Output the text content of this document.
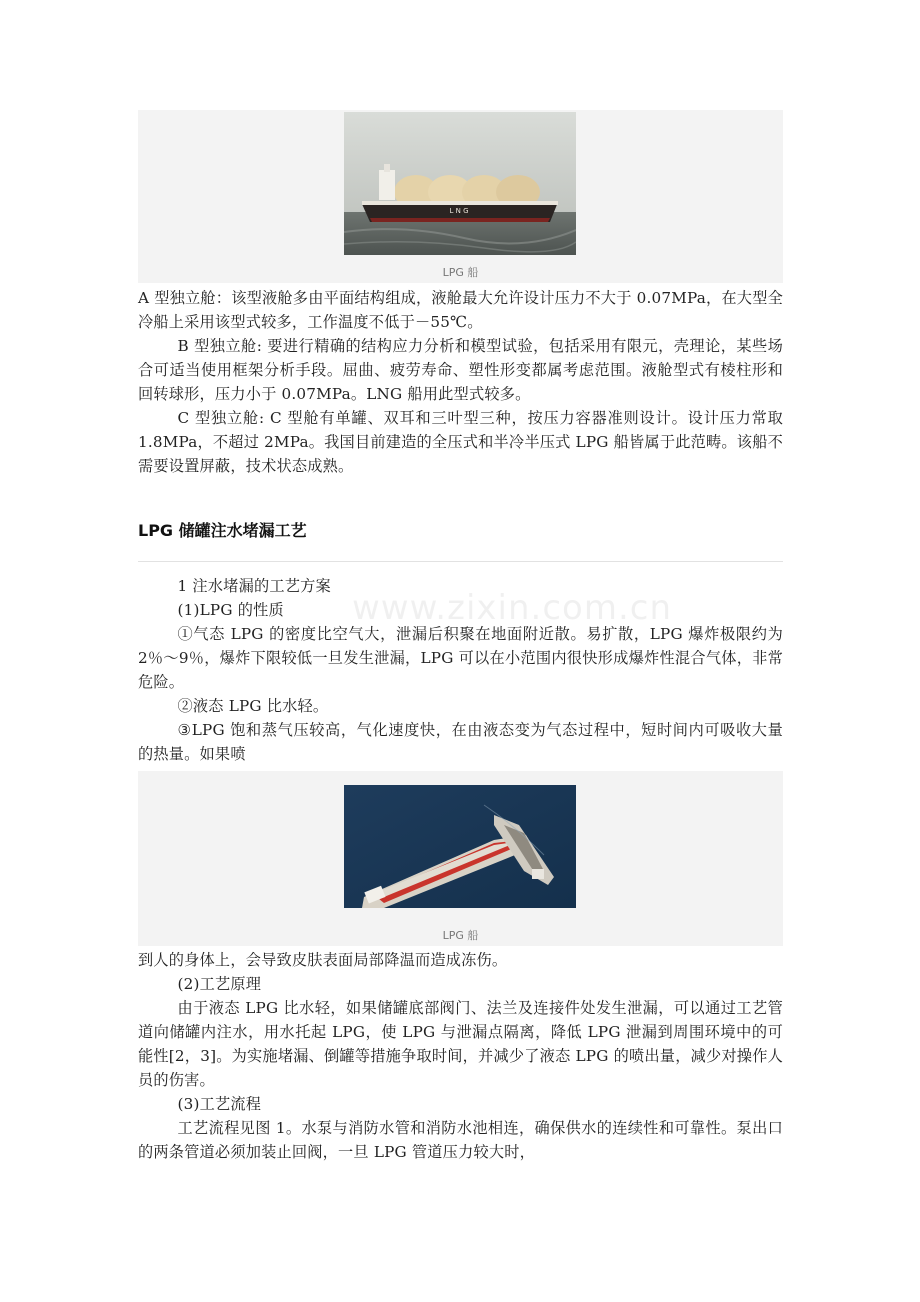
L N G
LPG 船

A 型独立舱：该型液舱多由平面结构组成，液舱最大允许设计压力不大于 0.07MPa，在大型全冷船上采用该型式较多，工作温度不低于－55℃。

B 型独立舱: 要进行精确的结构应力分析和模型试验，包括采用有限元，壳理论，某些场合可适当使用框架分析手段。屈曲、疲劳寿命、塑性形变都属考虑范围。液舱型式有棱柱形和回转球形，压力小于 0.07MPa。LNG 船用此型式较多。

C 型独立舱: C 型舱有单罐、双耳和三叶型三种，按压力容器准则设计。设计压力常取 1.8MPa，不超过 2MPa。我国目前建造的全压式和半冷半压式 LPG 船皆属于此范畴。该船不需要设置屏蔽，技术状态成熟。

LPG 储罐注水堵漏工艺
www.zixin.com.cn

1 注水堵漏的工艺方案

(1)LPG 的性质

①气态 LPG 的密度比空气大，泄漏后积聚在地面附近散。易扩散，LPG 爆炸极限约为 2％～9％，爆炸下限较低一旦发生泄漏，LPG 可以在小范围内很快形成爆炸性混合气体，非常危险。

②液态 LPG 比水轻。

③LPG 饱和蒸气压较高，气化速度快，在由液态变为气态过程中，短时间内可吸收大量的热量。如果喷

LPG 船

到人的身体上，会导致皮肤表面局部降温而造成冻伤。

(2)工艺原理

由于液态 LPG 比水轻，如果储罐底部阀门、法兰及连接件处发生泄漏，可以通过工艺管道向储罐内注水，用水托起 LPG，使 LPG 与泄漏点隔离，降低 LPG 泄漏到周围环境中的可能性[2，3]。为实施堵漏、倒罐等措施争取时间，并减少了液态 LPG 的喷出量，减少对操作人员的伤害。

(3)工艺流程

工艺流程见图 1。水泵与消防水管和消防水池相连，确保供水的连续性和可靠性。泵出口的两条管道必须加装止回阀，一旦 LPG 管道压力较大时，
